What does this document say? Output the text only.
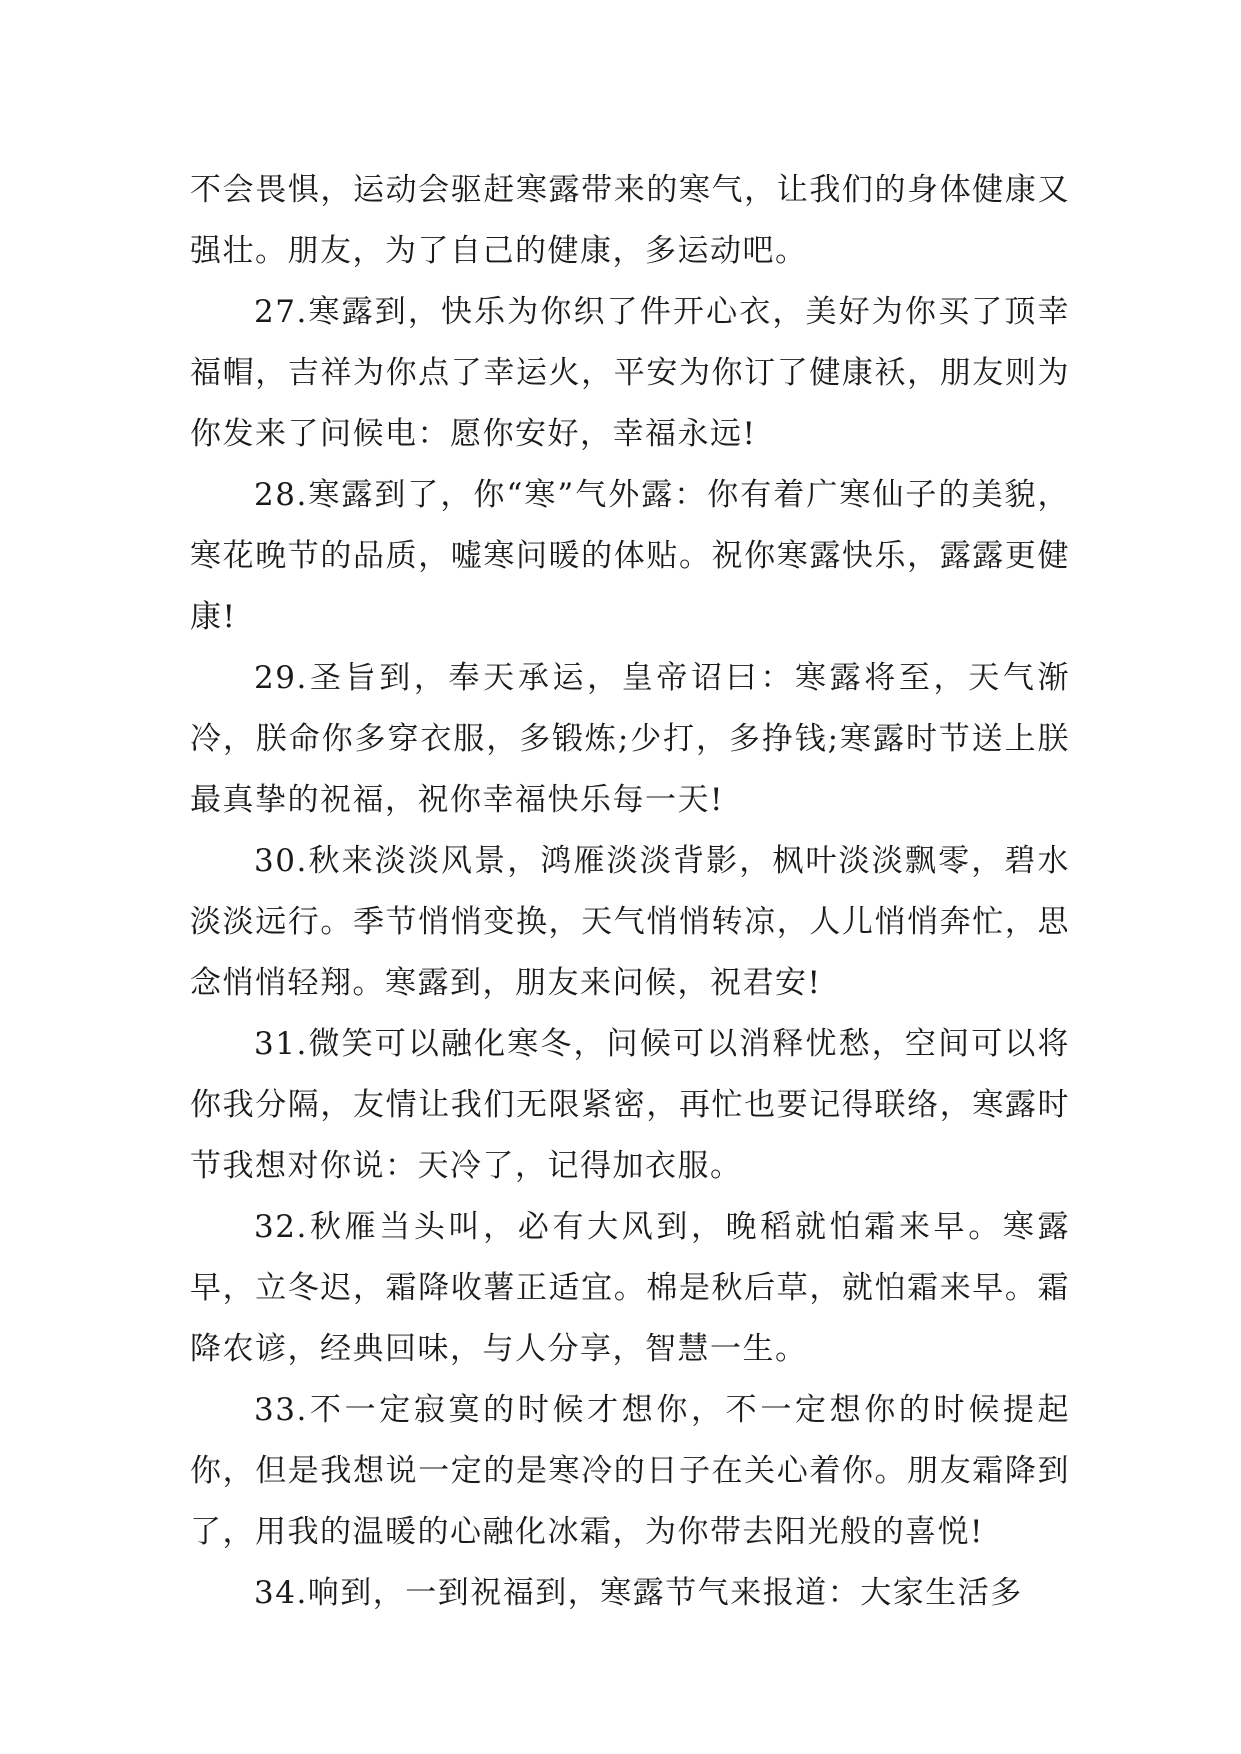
不会畏惧，运动会驱赶寒露带来的寒气，让我们的身体健康又强壮。朋友，为了自己的健康，多运动吧。

27.寒露到，快乐为你织了件开心衣，美好为你买了顶幸福帽，吉祥为你点了幸运火，平安为你订了健康袄，朋友则为你发来了问候电：愿你安好，幸福永远!

28.寒露到了，你“寒”气外露：你有着广寒仙子的美貌，寒花晚节的品质，嘘寒问暖的体贴。祝你寒露快乐，露露更健康!

29.圣旨到，奉天承运，皇帝诏曰：寒露将至，天气渐冷，朕命你多穿衣服，多锻炼;少打，多挣钱;寒露时节送上朕最真挚的祝福，祝你幸福快乐每一天!

30.秋来淡淡风景，鸿雁淡淡背影，枫叶淡淡飘零，碧水淡淡远行。季节悄悄变换，天气悄悄转凉，人儿悄悄奔忙，思念悄悄轻翔。寒露到，朋友来问候，祝君安!

31.微笑可以融化寒冬，问候可以消释忧愁，空间可以将你我分隔，友情让我们无限紧密，再忙也要记得联络，寒露时节我想对你说：天冷了，记得加衣服。

32.秋雁当头叫，必有大风到，晚稻就怕霜来早。寒露早，立冬迟，霜降收薯正适宜。棉是秋后草，就怕霜来早。霜降农谚，经典回味，与人分享，智慧一生。

33.不一定寂寞的时候才想你，不一定想你的时候提起你，但是我想说一定的是寒冷的日子在关心着你。朋友霜降到了，用我的温暖的心融化冰霜，为你带去阳光般的喜悦!

34.响到，一到祝福到，寒露节气来报道：大家生活多
